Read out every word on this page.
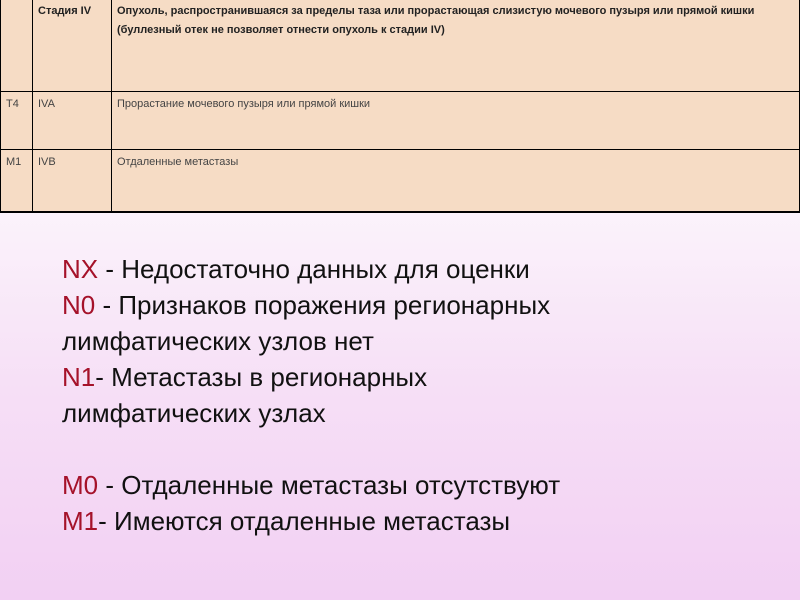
	Стадия IV	Опухоль, распространившаяся за пределы таза или прорастающая слизистую мочевого пузыря или прямой кишки (буллезный отек не позволяет отнести опухоль к стадии IV)
T4	IVA	Прорастание мочевого пузыря или прямой кишки
M1	IVB	Отдаленные метастазы
NX - Недостаточно данных для оценки
N0 - Признаков поражения регионарных
лимфатических узлов нет
N1- Метастазы в регионарных
лимфатических узлах
M0 - Отдаленные метастазы отсутствуют
M1- Имеются отдаленные метастазы
